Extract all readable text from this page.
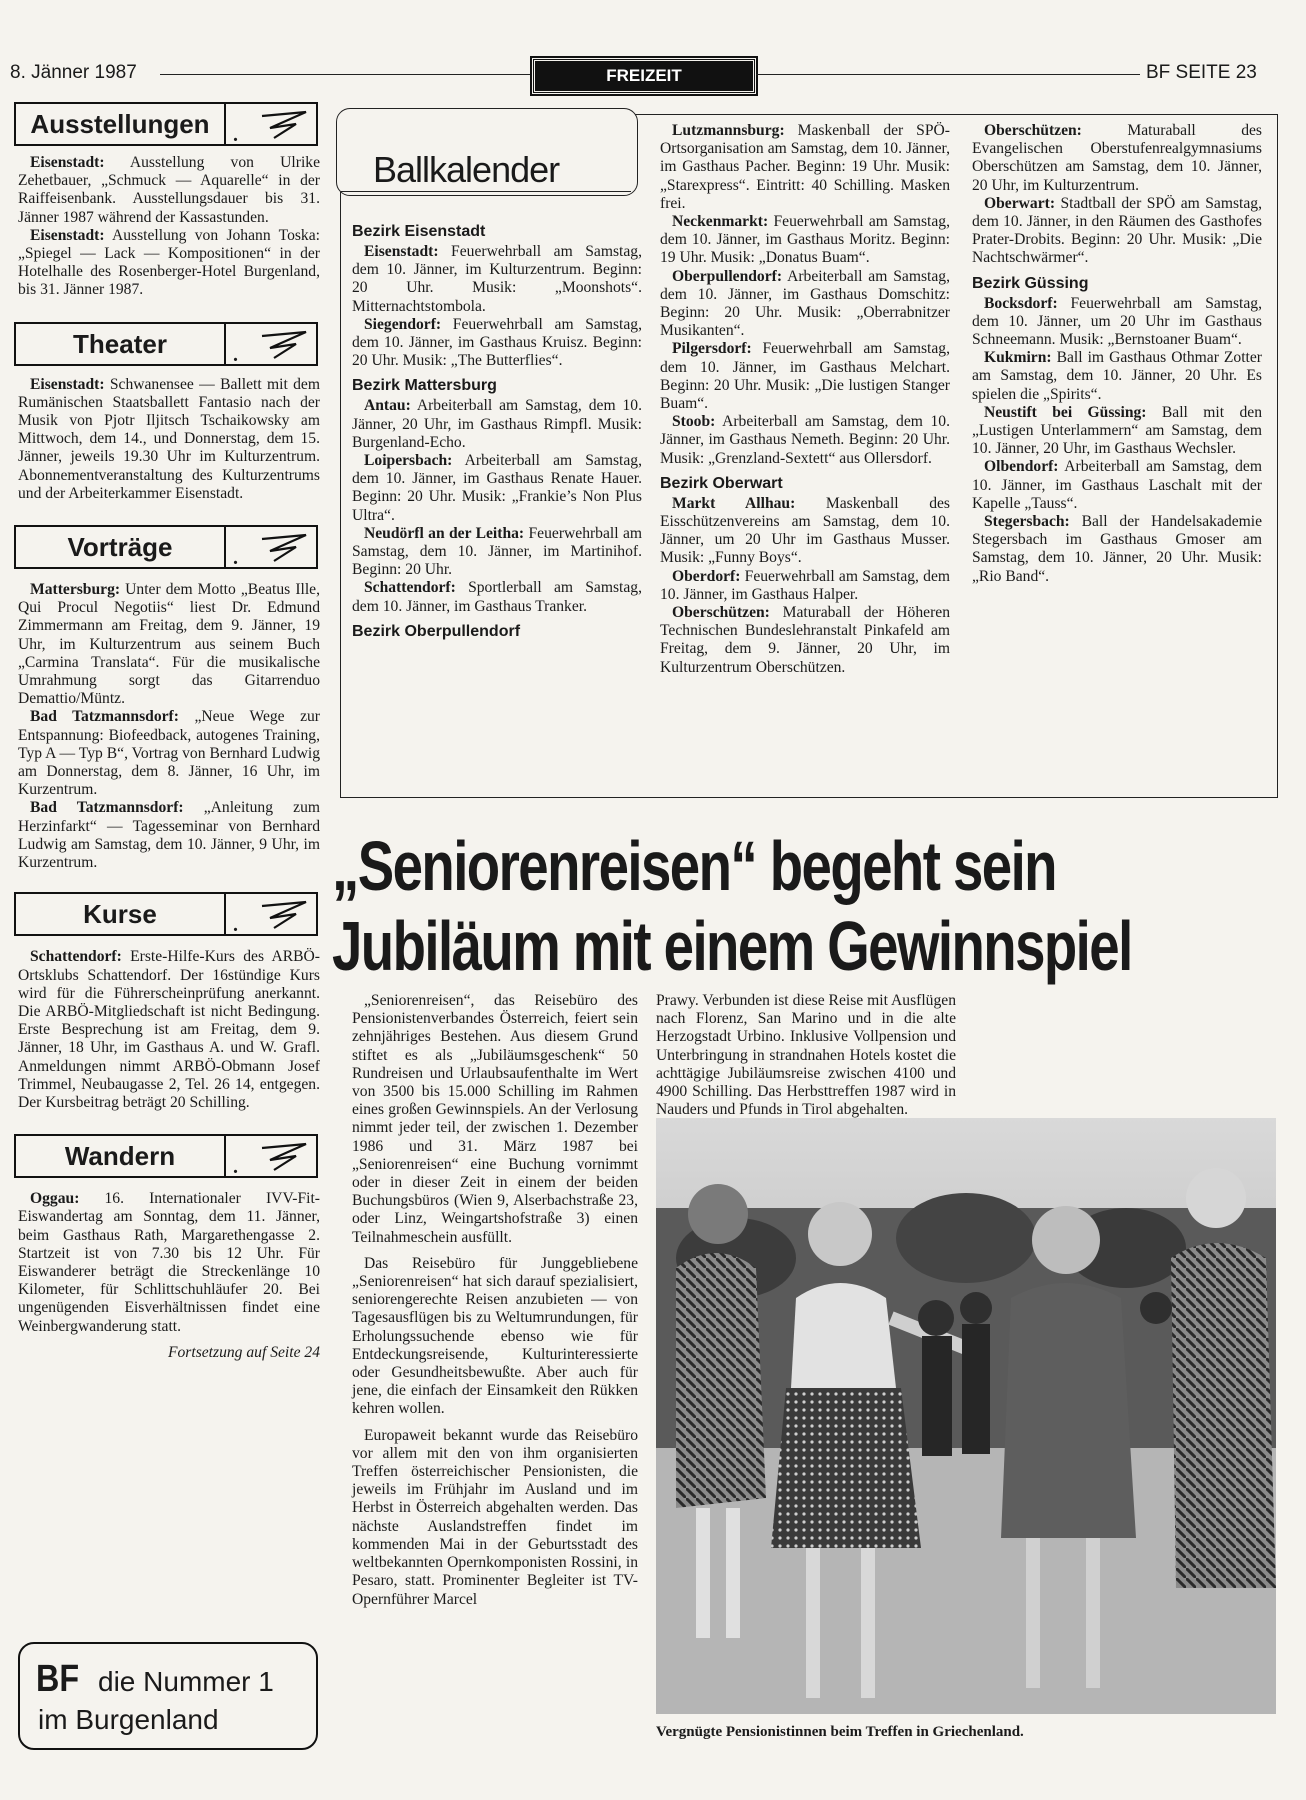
8. Jänner 1987	FREIZEIT	BF SEITE 23
Ausstellungen	.

Eisenstadt: Ausstellung von Ulrike Zehetbauer, „Schmuck — Aquarelle“ in der Raiffeisenbank. Ausstellungsdauer bis 31. Jänner 1987 während der Kassastunden.

Eisenstadt: Ausstellung von Johann Toska: „Spiegel — Lack — Kompositionen“ in der Hotelhalle des Rosenberger-Hotel Burgenland, bis 31. Jänner 1987.

Theater	.

Eisenstadt: Schwanensee — Ballett mit dem Rumänischen Staatsballett Fantasio nach der Musik von Pjotr Iljitsch Tschaikowsky am Mittwoch, dem 14., und Donnerstag, dem 15. Jänner, jeweils 19.30 Uhr im Kulturzentrum. Abonnementveranstaltung des Kulturzentrums und der Arbeiterkammer Eisenstadt.

Vorträge	.

Mattersburg: Unter dem Motto „Beatus Ille, Qui Procul Negotiis“ liest Dr. Edmund Zimmermann am Freitag, dem 9. Jänner, 19 Uhr, im Kulturzentrum aus seinem Buch „Carmina Translata“. Für die musikalische Umrahmung sorgt das Gitarrenduo Demattio/Müntz.

Bad Tatzmannsdorf: „Neue Wege zur Entspannung: Biofeedback, autogenes Training, Typ A — Typ B“, Vortrag von Bernhard Ludwig am Donnerstag, dem 8. Jänner, 16 Uhr, im Kurzentrum.

Bad Tatzmannsdorf: „Anleitung zum Herzinfarkt“ — Tagesseminar von Bernhard Ludwig am Samstag, dem 10. Jänner, 9 Uhr, im Kurzentrum.

Kurse	.

Schattendorf: Erste-Hilfe-Kurs des ARBÖ-Ortsklubs Schattendorf. Der 16stündige Kurs wird für die Führerscheinprüfung anerkannt. Die ARBÖ-Mitgliedschaft ist nicht Bedingung. Erste Besprechung ist am Freitag, dem 9. Jänner, 18 Uhr, im Gasthaus A. und W. Grafl. Anmeldungen nimmt ARBÖ-Obmann Josef Trimmel, Neubaugasse 2, Tel. 26 14, entgegen. Der Kursbeitrag beträgt 20 Schilling.

Wandern	.

Oggau: 16. Internationaler IVV-Fit-Eiswandertag am Sonntag, dem 11. Jänner, beim Gasthaus Rath, Margarethengasse 2. Startzeit ist von 7.30 bis 12 Uhr. Für Eiswanderer beträgt die Streckenlänge 10 Kilometer, für Schlittschuhläufer 20. Bei ungenügenden Eisverhältnissen findet eine Weinbergwanderung statt.

Fortsetzung auf Seite 24

BF die Nummer 1
im Burgenland
Ballkalender
Bezirk Eisenstadt

Eisenstadt: Feuerwehrball am Samstag, dem 10. Jänner, im Kulturzentrum. Beginn: 20 Uhr. Musik: „Moonshots“. Mitternachtstombola.

Siegendorf: Feuerwehrball am Samstag, dem 10. Jänner, im Gasthaus Kruisz. Beginn: 20 Uhr. Musik: „The Butterflies“.

Bezirk Mattersburg

Antau: Arbeiterball am Samstag, dem 10. Jänner, 20 Uhr, im Gasthaus Rimpfl. Musik: Burgenland-Echo.

Loipersbach: Arbeiterball am Samstag, dem 10. Jänner, im Gasthaus Renate Hauer. Beginn: 20 Uhr. Musik: „Frankie’s Non Plus Ultra“.

Neudörfl an der Leitha: Feuerwehrball am Samstag, dem 10. Jänner, im Martinihof. Beginn: 20 Uhr.

Schattendorf: Sportlerball am Samstag, dem 10. Jänner, im Gasthaus Tranker.

Bezirk Oberpullendorf

Lutzmannsburg: Maskenball der SPÖ-Ortsorganisation am Samstag, dem 10. Jänner, im Gasthaus Pacher. Beginn: 19 Uhr. Musik: „Starexpress“. Eintritt: 40 Schilling. Masken frei.

Neckenmarkt: Feuerwehrball am Samstag, dem 10. Jänner, im Gasthaus Moritz. Beginn: 19 Uhr. Musik: „Donatus Buam“.

Oberpullendorf: Arbeiterball am Samstag, dem 10. Jänner, im Gasthaus Domschitz: Beginn: 20 Uhr. Musik: „Oberrabnitzer Musikanten“.

Pilgersdorf: Feuerwehrball am Samstag, dem 10. Jänner, im Gasthaus Melchart. Beginn: 20 Uhr. Musik: „Die lustigen Stanger Buam“.

Stoob: Arbeiterball am Samstag, dem 10. Jänner, im Gasthaus Nemeth. Beginn: 20 Uhr. Musik: „Grenzland-Sextett“ aus Ollersdorf.

Bezirk Oberwart

Markt Allhau: Maskenball des Eisschützenvereins am Samstag, dem 10. Jänner, um 20 Uhr im Gasthaus Musser. Musik: „Funny Boys“.

Oberdorf: Feuerwehrball am Samstag, dem 10. Jänner, im Gasthaus Halper.

Oberschützen: Maturaball der Höheren Technischen Bundeslehranstalt Pinkafeld am Freitag, dem 9. Jänner, 20 Uhr, im Kulturzentrum Oberschützen.

Oberschützen: Maturaball des Evangelischen Oberstufenrealgymnasiums Oberschützen am Samstag, dem 10. Jänner, 20 Uhr, im Kulturzentrum.

Oberwart: Stadtball der SPÖ am Samstag, dem 10. Jänner, in den Räumen des Gasthofes Prater-Drobits. Beginn: 20 Uhr. Musik: „Die Nachtschwärmer“.

Bezirk Güssing

Bocksdorf: Feuerwehrball am Samstag, dem 10. Jänner, um 20 Uhr im Gasthaus Schneemann. Musik: „Bernstoaner Buam“.

Kukmirn: Ball im Gasthaus Othmar Zotter am Samstag, dem 10. Jänner, 20 Uhr. Es spielen die „Spirits“.

Neustift bei Güssing: Ball mit den „Lustigen Unterlammern“ am Samstag, dem 10. Jänner, 20 Uhr, im Gasthaus Wechsler.

Olbendorf: Arbeiterball am Samstag, dem 10. Jänner, im Gasthaus Laschalt mit der Kapelle „Tauss“.

Stegersbach: Ball der Handelsakademie Stegersbach im Gasthaus Gmoser am Samstag, dem 10. Jänner, 20 Uhr. Musik: „Rio Band“.

„Seniorenreisen“ begeht sein
Jubiläum mit einem Gewinnspiel

„Seniorenreisen“, das Reisebüro des Pensionistenverbandes Österreich, feiert sein zehnjähriges Bestehen. Aus diesem Grund stiftet es als „Jubiläumsgeschenk“ 50 Rundreisen und Urlaubsaufenthalte im Wert von 3500 bis 15.000 Schilling im Rahmen eines großen Gewinnspiels. An der Verlosung nimmt jeder teil, der zwischen 1. Dezember 1986 und 31. März 1987 bei „Seniorenreisen“ eine Buchung vornimmt oder in dieser Zeit in einem der beiden Buchungsbüros (Wien 9, Alserbachstraße 23, oder Linz, Weingartshofstraße 3) einen Teilnahmeschein ausfüllt.

Das Reisebüro für Junggebliebene „Seniorenreisen“ hat sich darauf spezialisiert, seniorengerechte Reisen anzubieten — von Tagesausflügen bis zu Weltumrundungen, für Erholungssuchende ebenso wie für Entdeckungsreisende, Kulturinteressierte oder Gesundheitsbewußte. Aber auch für jene, die einfach der Einsamkeit den Rükken kehren wollen.

Europaweit bekannt wurde das Reisebüro vor allem mit den von ihm organisierten Treffen österreichischer Pensionisten, die jeweils im Frühjahr im Ausland und im Herbst in Österreich abgehalten werden. Das nächste Auslandstreffen findet im kommenden Mai in der Geburtsstadt des weltbekannten Opernkomponisten Rossini, in Pesaro, statt. Prominenter Begleiter ist TV-Opernführer Marcel

Prawy. Verbunden ist diese Reise mit Ausflügen nach Florenz, San Marino und in die alte Herzogstadt Urbino. Inklusive Vollpension und Unterbringung in strandnahen Hotels kostet die achttägige Jubiläumsreise zwischen 4100 und 4900 Schilling. Das Herbsttreffen 1987 wird in Nauders und Pfunds in Tirol abgehalten.

Vergnügte Pensionistinnen beim Treffen in Griechenland.
